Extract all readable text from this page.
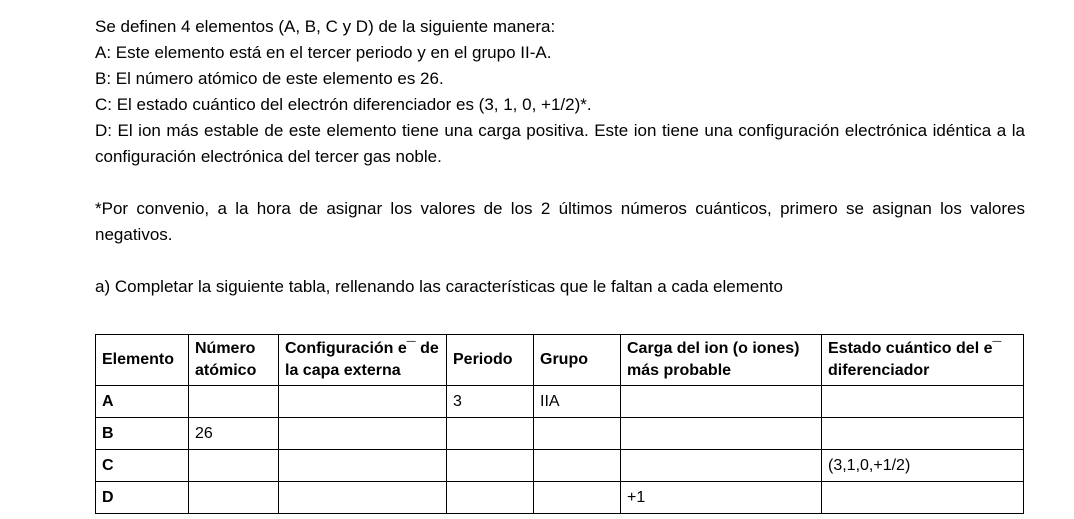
Se definen 4 elementos (A, B, C y D) de la siguiente manera:
A: Este elemento está en el tercer periodo y en el grupo II-A.
B: El número atómico de este elemento es 26.
C: El estado cuántico del electrón diferenciador es (3, 1, 0, +1/2)*.
D: El ion más estable de este elemento tiene una carga positiva. Este ion tiene una configuración electrónica idéntica a la configuración electrónica del tercer gas noble.
*Por convenio, a la hora de asignar los valores de los 2 últimos números cuánticos, primero se asignan los valores negativos.
a) Completar la siguiente tabla, rellenando las características que le faltan a cada elemento
Elemento	Número atómico	Configuración e¯ de la capa externa	Periodo	Grupo	Carga del ion (o iones) más probable	Estado cuántico del e¯ diferenciador
A			3	IIA		
B	26					
C						(3,1,0,+1/2)
D					+1	
